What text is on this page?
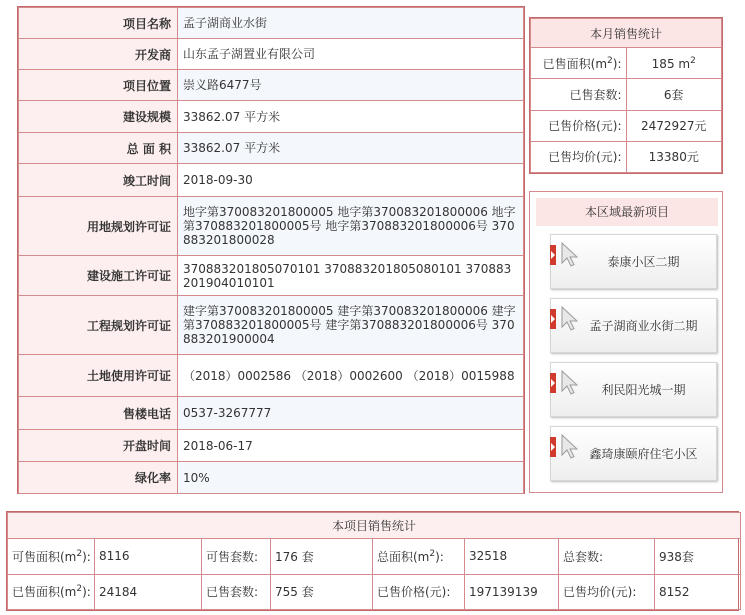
项目名称	孟子湖商业水街
开发商	山东孟子湖置业有限公司
项目位置	崇义路6477号
建设规模	33862.07 平方米
总 面 积	33862.07 平方米
竣工时间	2018-09-30
用地规划许可证	地字第370083201800005 地字第370083201800006 地字第370883201800005号 地字第370883201800006号 370883201800028
建设施工许可证	370883201805070101 370883201805080101 370883201904010101
工程规划许可证	建字第370083201800005 建字第370083201800006 建字第370883201800005号 建字第370883201800006号 370883201900004
土地使用许可证	（2018）0002586 （2018）0002600 （2018）0015988
售楼电话	0537-3267777
开盘时间	2018-06-17
绿化率	10%
本月销售统计	
已售面积$(m^2)$:	185 $m^2$
已售套数:	6套
已售价格(元):	2472927元
已售均价(元):	13380元
本区域最新项目
泰康小区二期
孟子湖商业水街二期
利民阳光城一期
鑫琦康颐府住宅小区
本项目销售统计							
可售面积$(m^2)$:	8116	可售套数:	176 套	总面积$(m^2)$:	32518	总套数:	938套
已售面积$(m^2)$:	24184	已售套数:	755 套	已售价格(元):	197139139	已售均价(元):	8152
